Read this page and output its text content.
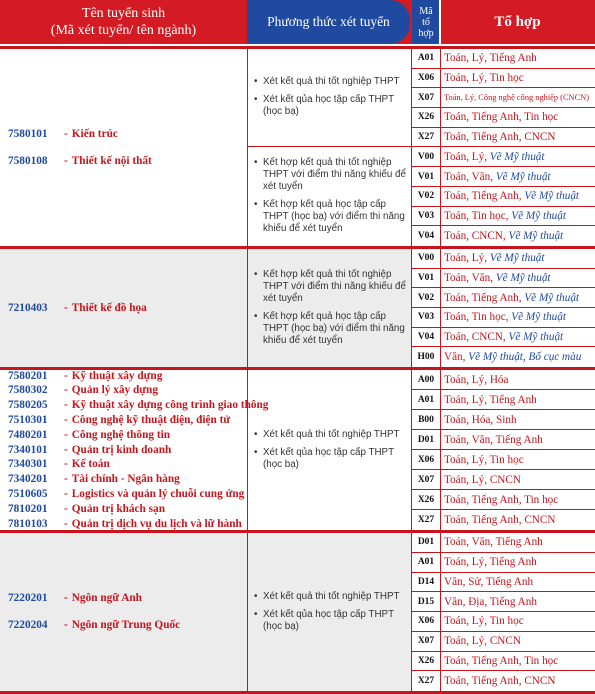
Tên tuyển sinh
(Mã xét tuyển/ tên ngành)
Phương thức xét tuyển
Mã
tổ
hợp
Tổ hợp
7580101 - Kiến trúc
7580108 - Thiết kế nội thất
• Xét kết quả thi tốt nghiệp THPT
• Xét kết qủa học tập cấp THPT (học bạ)
• Kết hợp kết quả thi tốt nghiệp THPT với điểm thi năng khiếu để xét tuyển
• Kết hợp kết quả học tập cấp THPT (học bạ) với điểm thi năng khiếu để xét tuyển
A01 Toán, Lý, Tiếng Anh
X06 Toán, Lý, Tin học
X07	Toán, Lý, Công nghệ công nghiệp (CNCN)
X26 Toán, Tiếng Anh, Tin học
X27 Toán, Tiếng Anh, CNCN
V00 Toán, Lý, Vẽ Mỹ thuật
V01 Toán, Văn, Vẽ Mỹ thuật
V02 Toán, Tiếng Anh, Vẽ Mỹ thuật
V03 Toán, Tin học, Vẽ Mỹ thuật
V04 Toán, CNCN, Vẽ Mỹ thuật
7210403 - Thiết kế đồ họa
• Kết hợp kết quả thi tốt nghiệp THPT với điểm thi năng khiếu để xét tuyển
• Kết hợp kết quả học tập cấp THPT (học bạ) với điểm thi năng khiếu để xét tuyển
V00 Toán, Lý, Vẽ Mỹ thuật
V01 Toán, Văn, Vẽ Mỹ thuật
V02 Toán, Tiếng Anh, Vẽ Mỹ thuật
V03 Toán, Tin học, Vẽ Mỹ thuật
V04 Toán, CNCN, Vẽ Mỹ thuật
H00 Văn, Vẽ Mỹ thuật, Bố cục màu
7580201 - Kỹ thuật xây dựng
7580302 - Quản lý xây dựng
7580205 - Kỹ thuật xây dựng công trình giao thông
7510301 - Công nghệ kỹ thuật điện, điện tử
7480201 - Công nghệ thông tin
7340101 - Quản trị kinh doanh
7340301 - Kế toán
7340201 - Tài chính - Ngân hàng
7510605 - Logistics và quản lý chuỗi cung ứng
7810201 - Quản trị khách sạn
7810103 - Quản trị dịch vụ du lịch và lữ hành
• Xét kết quả thi tốt nghiệp THPT
• Xét kết qủa học tập cấp THPT (học bạ)
A00 Toán, Lý, Hóa
A01 Toán, Lý, Tiếng Anh
B00 Toán, Hóa, Sinh
D01 Toán, Văn, Tiếng Anh
X06 Toán, Lý, Tin học
X07 Toán, Lý, CNCN
X26 Toán, Tiếng Anh, Tin học
X27 Toán, Tiếng Anh, CNCN
7220201 - Ngôn ngữ Anh
7220204 - Ngôn ngữ Trung Quốc
• Xét kết quả thi tốt nghiệp THPT
• Xét kết qủa học tập cấp THPT (học bạ)
D01 Toán, Văn, Tiếng Anh
A01 Toán, Lý, Tiếng Anh
D14 Văn, Sử, Tiếng Anh
D15 Văn, Địa, Tiếng Anh
X06 Toán, Lý, Tin học
X07 Toán, Lý, CNCN
X26 Toán, Tiếng Anh, Tin học
X27 Toán, Tiếng Anh, CNCN
